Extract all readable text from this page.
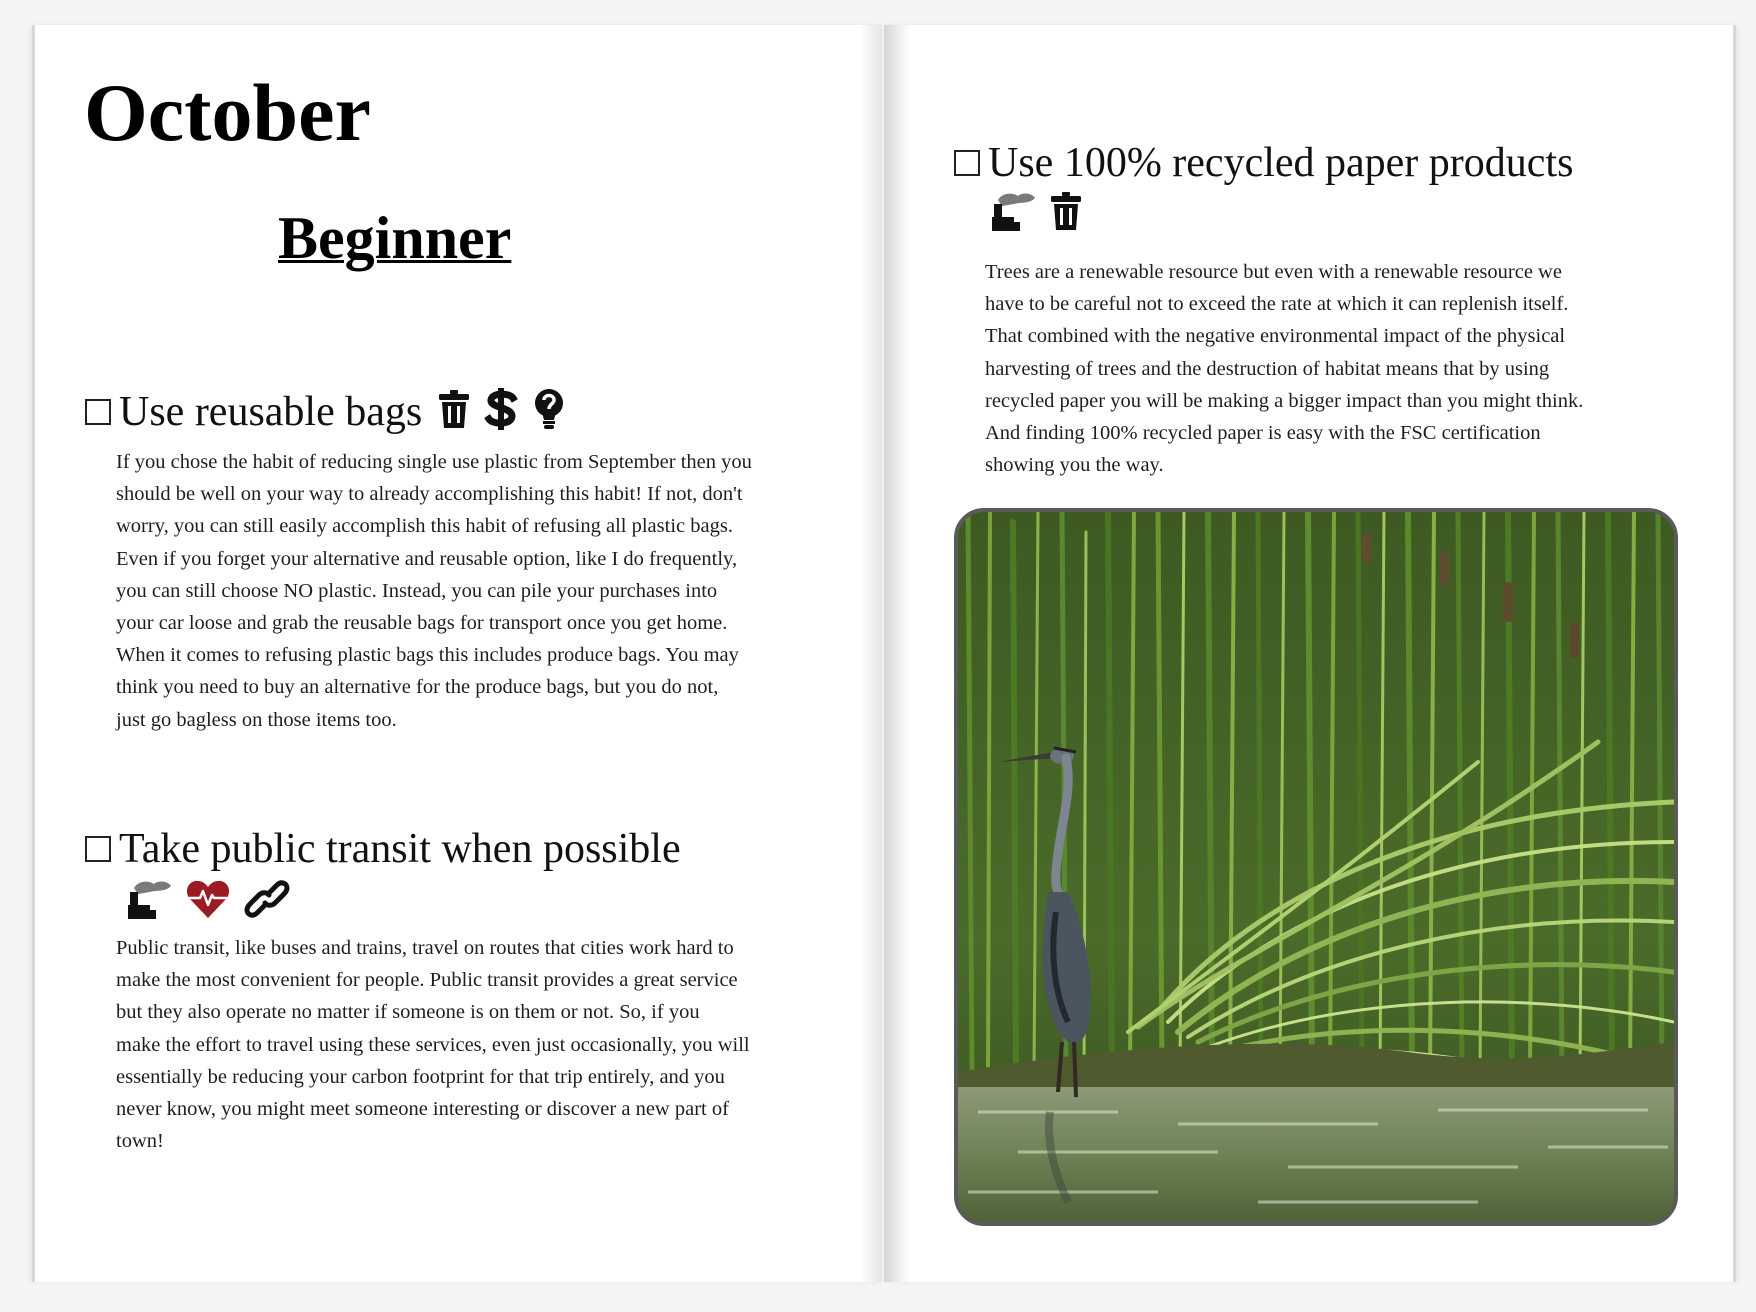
October
Beginner
Use reusable bags
If you chose the habit of reducing single use plastic from September then you
should be well on your way to already accomplishing this habit! If not, don't
worry, you can still easily accomplish this habit of refusing all plastic bags.
Even if you forget your alternative and reusable option, like I do frequently,
you can still choose NO plastic. Instead, you can pile your purchases into
your car loose and grab the reusable bags for transport once you get home.
When it comes to refusing plastic bags this includes produce bags. You may
think you need to buy an alternative for the produce bags, but you do not,
just go bagless on those items too.
Take public transit when possible
Public transit, like buses and trains, travel on routes that cities work hard to
make the most convenient for people. Public transit provides a great service
but they also operate no matter if someone is on them or not. So, if you
make the effort to travel using these services, even just occasionally, you will
essentially be reducing your carbon footprint for that trip entirely, and you
never know, you might meet someone interesting or discover a new part of
town!
Use 100% recycled paper products
Trees are a renewable resource but even with a renewable resource we
have to be careful not to exceed the rate at which it can replenish itself.
That combined with the negative environmental impact of the physical
harvesting of trees and the destruction of habitat means that by using
recycled paper you will be making a bigger impact than you might think.
And finding 100% recycled paper is easy with the FSC certification
showing you the way.
